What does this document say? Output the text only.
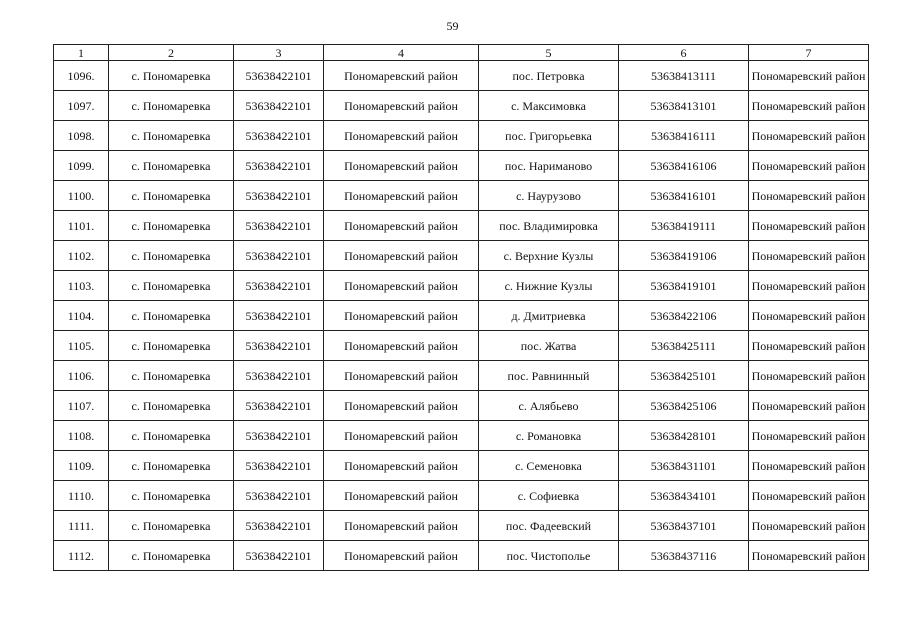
59
1	2	3	4	5	6	7
1096.	с. Пономаревка	53638422101	Пономаревский район	пос. Петровка	53638413111	Пономаревский район
1097.	с. Пономаревка	53638422101	Пономаревский район	с. Максимовка	53638413101	Пономаревский район
1098.	с. Пономаревка	53638422101	Пономаревский район	пос. Григорьевка	53638416111	Пономаревский район
1099.	с. Пономаревка	53638422101	Пономаревский район	пос. Нариманово	53638416106	Пономаревский район
1100.	с. Пономаревка	53638422101	Пономаревский район	с. Наурузово	53638416101	Пономаревский район
1101.	с. Пономаревка	53638422101	Пономаревский район	пос. Владимировка	53638419111	Пономаревский район
1102.	с. Пономаревка	53638422101	Пономаревский район	с. Верхние Кузлы	53638419106	Пономаревский район
1103.	с. Пономаревка	53638422101	Пономаревский район	с. Нижние Кузлы	53638419101	Пономаревский район
1104.	с. Пономаревка	53638422101	Пономаревский район	д. Дмитриевка	53638422106	Пономаревский район
1105.	с. Пономаревка	53638422101	Пономаревский район	пос. Жатва	53638425111	Пономаревский район
1106.	с. Пономаревка	53638422101	Пономаревский район	пос. Равнинный	53638425101	Пономаревский район
1107.	с. Пономаревка	53638422101	Пономаревский район	с. Алябьево	53638425106	Пономаревский район
1108.	с. Пономаревка	53638422101	Пономаревский район	с. Романовка	53638428101	Пономаревский район
1109.	с. Пономаревка	53638422101	Пономаревский район	с. Семеновка	53638431101	Пономаревский район
1110.	с. Пономаревка	53638422101	Пономаревский район	с. Софиевка	53638434101	Пономаревский район
1111.	с. Пономаревка	53638422101	Пономаревский район	пос. Фадеевский	53638437101	Пономаревский район
1112.	с. Пономаревка	53638422101	Пономаревский район	пос. Чистополье	53638437116	Пономаревский район
